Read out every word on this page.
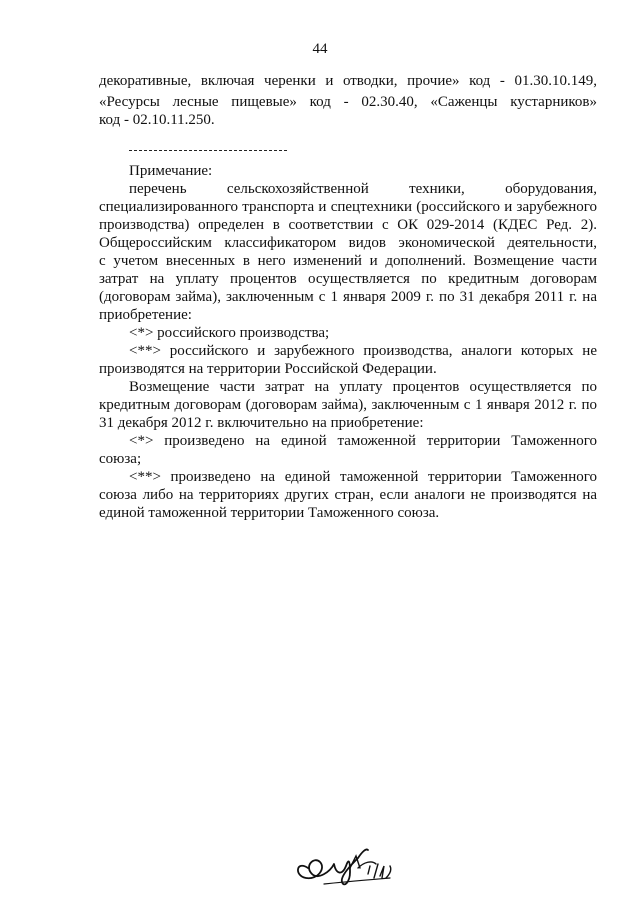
44
декоративные, включая черенки и отводки, прочие» код - 01.30.10.149,
«Ресурсы лесные пищевые» код - 02.30.40, «Саженцы кустарников»
код - 02.10.11.250.
Примечание:
перечень сельскохозяйственной техники, оборудования,
специализированного транспорта и спецтехники (российского и зарубежного
производства) определен в соответствии с ОК 029-2014 (КДЕС Ред. 2).
Общероссийским классификатором видов экономической деятельности,
с учетом внесенных в него изменений и дополнений. Возмещение части
затрат на уплату процентов осуществляется по кредитным договорам
(договорам займа), заключенным с 1 января 2009 г. по 31 декабря 2011 г. на
приобретение:
<*> российского производства;
<**> российского и зарубежного производства, аналоги которых не
производятся на территории Российской Федерации.
Возмещение части затрат на уплату процентов осуществляется по
кредитным договорам (договорам займа), заключенным с 1 января 2012 г. по
31 декабря 2012 г. включительно на приобретение:
<*> произведено на единой таможенной территории Таможенного
союза;
<**> произведено на единой таможенной территории Таможенного
союза либо на территориях других стран, если аналоги не производятся на
единой таможенной территории Таможенного союза.
